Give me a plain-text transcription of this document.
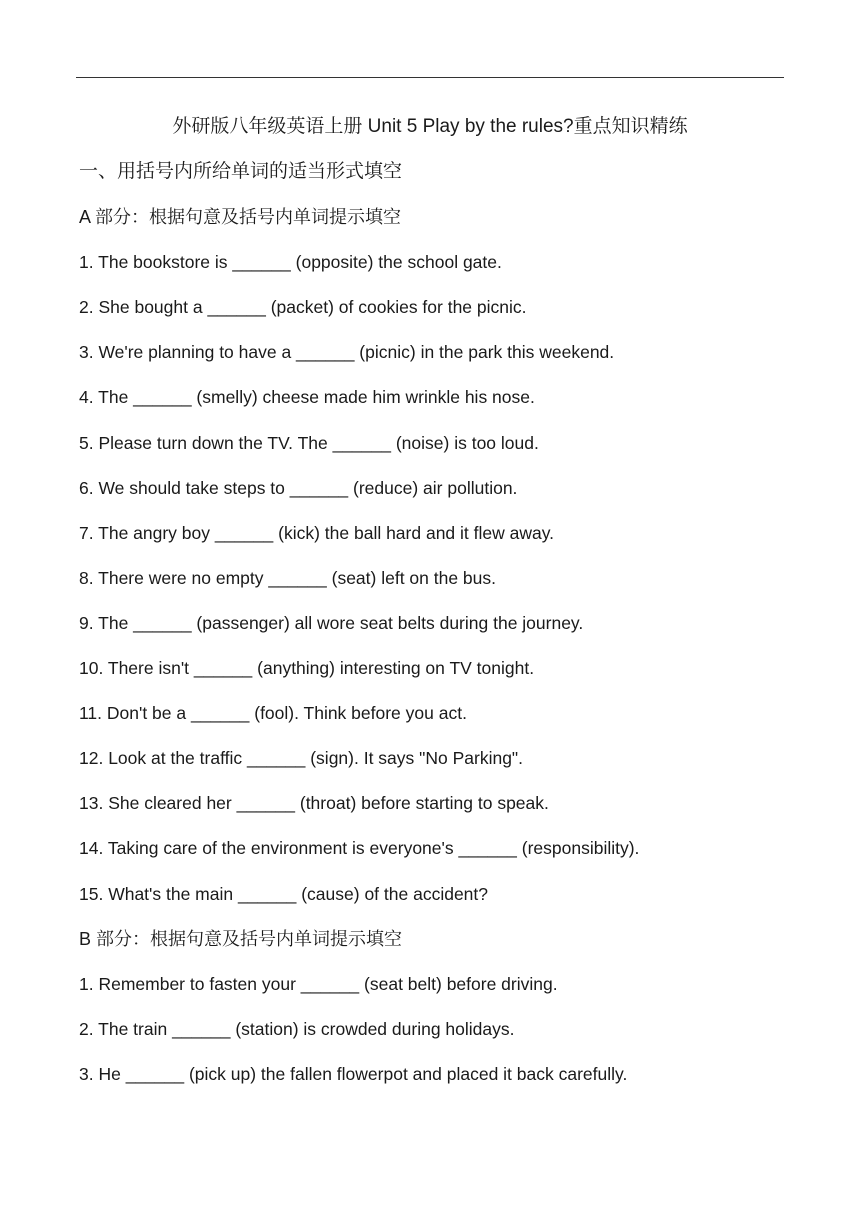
外研版八年级英语上册 Unit 5 Play by the rules?重点知识精练
一、用括号内所给单词的适当形式填空
A 部分：根据句意及括号内单词提示填空
1. The bookstore is ______ (opposite) the school gate.
2. She bought a ______ (packet) of cookies for the picnic.
3. We're planning to have a ______ (picnic) in the park this weekend.
4. The ______ (smelly) cheese made him wrinkle his nose.
5. Please turn down the TV. The ______ (noise) is too loud.
6. We should take steps to ______ (reduce) air pollution.
7. The angry boy ______ (kick) the ball hard and it flew away.
8. There were no empty ______ (seat) left on the bus.
9. The ______ (passenger) all wore seat belts during the journey.
10. There isn't ______ (anything) interesting on TV tonight.
11. Don't be a ______ (fool). Think before you act.
12. Look at the traffic ______ (sign). It says "No Parking".
13. She cleared her ______ (throat) before starting to speak.
14. Taking care of the environment is everyone's ______ (responsibility).
15. What's the main ______ (cause) of the accident?
B 部分：根据句意及括号内单词提示填空
1. Remember to fasten your ______ (seat belt) before driving.
2. The train ______ (station) is crowded during holidays.
3. He ______ (pick up) the fallen flowerpot and placed it back carefully.
